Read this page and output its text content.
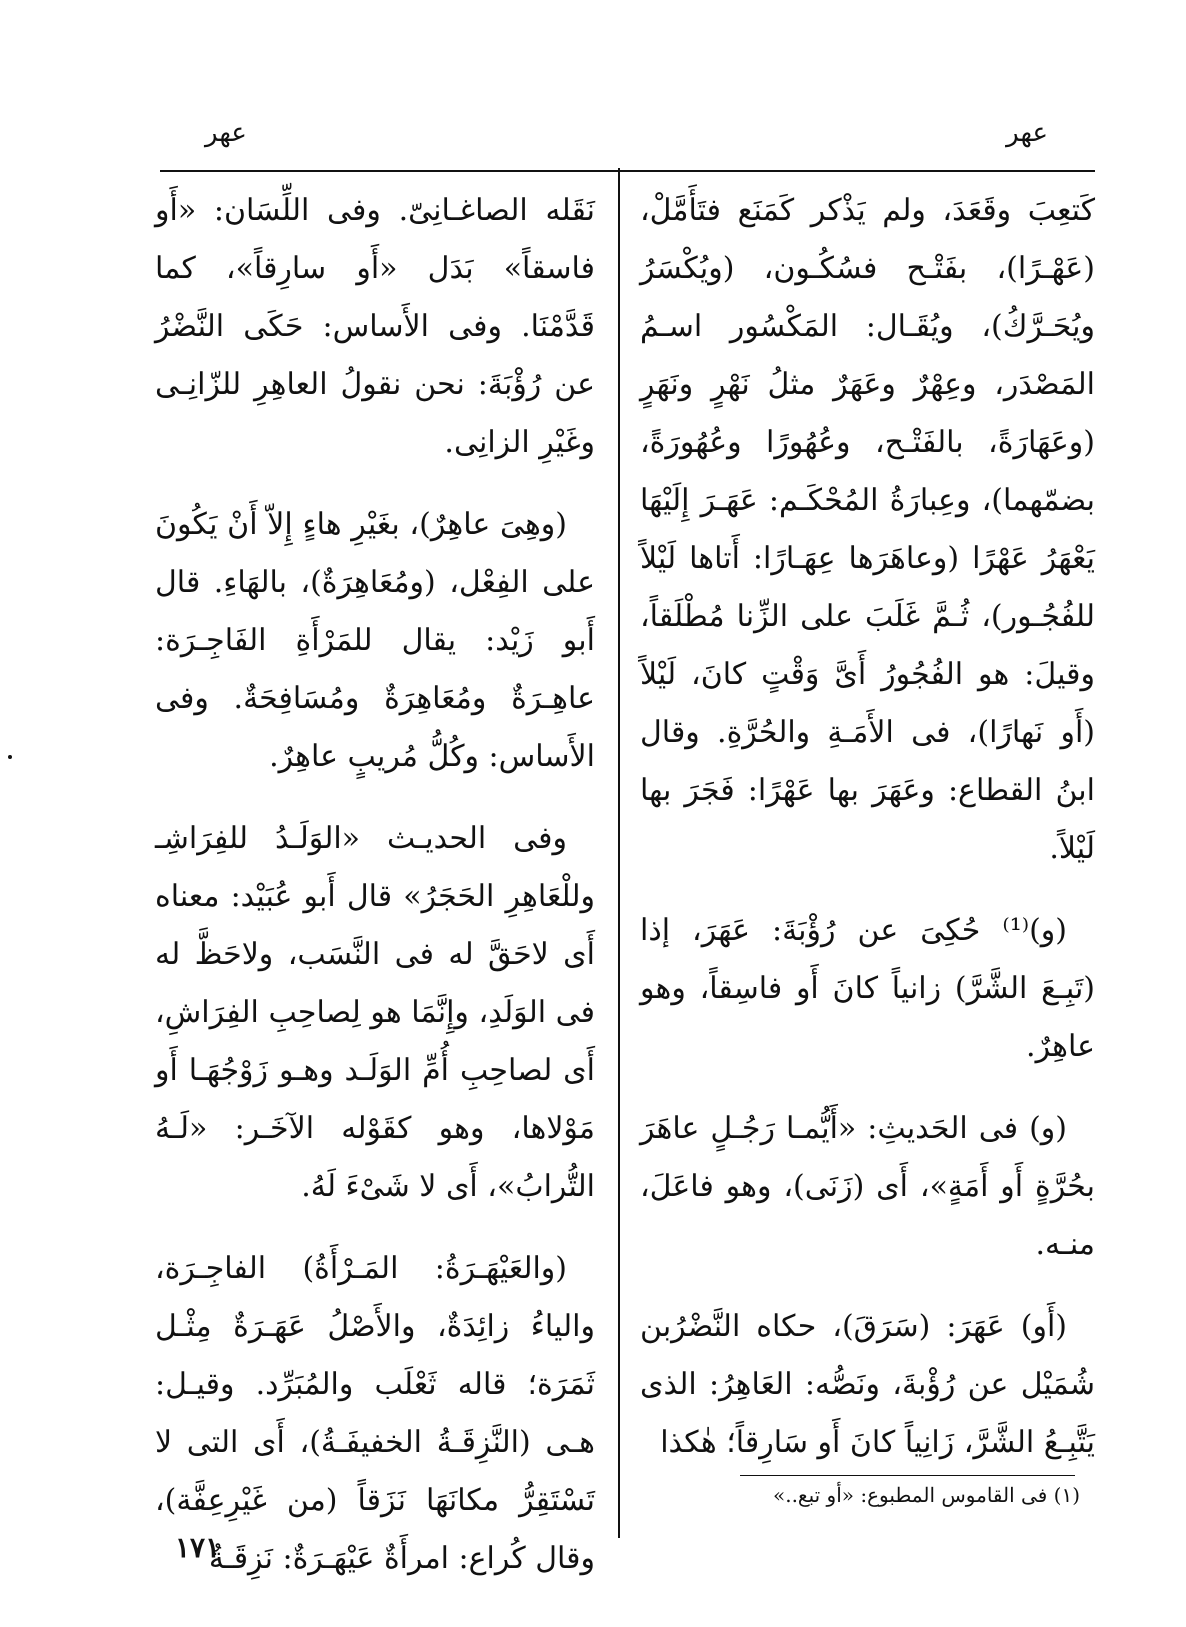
عهر
عهر

كَتعِبَ وقَعَدَ، ولم يَذْكر كَمَنَع فتَأَمَّلْ، (عَهْـرًا)، بفَتْـح فسُكُـون، (ويُكْسَرُ ويُحَـرَّكُ)، ويُقَـال: المَكْسُور اسـمُ المَصْدَر، وعِهْرٌ وعَهَرٌ مثلُ نَهْرٍ ونَهَرٍ (وعَهَارَةً، بالفَتْـح، وعُهُورًا وعُهُورَةً، بضمّهما)، وعِبارَةُ المُحْكَـم: عَهَـرَ إِلَيْهَا يَعْهَرُ عَهْرًا (وعاهَرَها عِهَـارًا: أَتاها لَيْلاً للفُجُـور)، ثُـمَّ غَلَبَ على الزِّنا مُطْلَقاً، وقيلَ: هو الفُجُورُ أَىَّ وَقْتٍ كانَ، لَيْلاً (أَو نَهارًا)، فى الأَمَـةِ والحُرَّةِ. وقال ابنُ القطاع: وعَهَرَ بها عَهْرًا: فَجَرَ بها لَيْلاً.

(و)⁽¹⁾ حُكِىَ عن رُؤْبَةَ: عَهَرَ، إذا (تَبِـعَ الشَّرَّ) زانياً كانَ أَو فاسِقاً، وهو عاهِرٌ.

(و) فى الحَديثِ: «أَيُّمـا رَجُـلٍ عاهَرَ بحُرَّةٍ أَو أَمَةٍ»، أَى (زَنَى)، وهو فاعَلَ، منـه.

(أَو) عَهَرَ: (سَرَقَ)، حكاه النَّضْرُبن شُمَيْل عن رُؤْبةَ، ونَصُّه: العَاهِرُ: الذى يَتَّبِـعُ الشَّرَّ، زَانِياً كانَ أَو سَارِقاً؛ هٰكذا

نَقَله الصاغـانِىّ. وفى اللِّسَان: «أَو فاسقاً» بَدَل «أَو سارِقاً»، كما قَدَّمْنَا. وفى الأَساس: حَكَى النَّضْرُ عن رُؤْبَةَ: نحن نقولُ العاهِرِ للزّانِـى وغَيْرِ الزانِى.

(وهِىَ عاهِرٌ)، بغَيْرِ هاءٍ إِلاّ أَنْ يَكُونَ على الفِعْل، (ومُعَاهِرَةٌ)، بالهَاءِ. قال أَبو زَيْد: يقال للمَرْأَةِ الفَاجِـرَة: عاهِـرَةٌ ومُعَاهِرَةٌ ومُسَافِحَةٌ. وفى الأَساس: وكُلُّ مُريبٍ عاهِرٌ.

وفى الحديـث «الوَلَـدُ للفِرَاشِـ وللْعَاهِرِ الحَجَرُ» قال أَبو عُبَيْد: معناه أَى لاحَقَّ له فى النَّسَب، ولاحَظَّ له فى الوَلَدِ، وإِنَّمَا هو لِصاحِبِ الفِرَاشِ، أَى لصاحِبِ أُمِّ الوَلَـد وهـو زَوْجُهَـا أَو مَوْلاها، وهو كقَوْله الآخَـر: «لَـهُ التُّرابُ»، أَى لا شَىْءَ لَهُ.

(والعَيْهَـرَةُ: المَـرْأَةُ) الفاجِـرَة، والياءُ زائِدَةٌ، والأَصْلُ عَهَـرَةٌ مِثْـل ثَمَرَة؛ قاله ثَعْلَب والمُبَرِّد. وقيـل: هـى (النَّزِقَـةُ الخفيفَـةُ)، أَى التى لا تَسْتَقِرُّ مكانَهَا نَزَقاً (من غَيْرِعِفَّة)، وقال كُراع: امرأَةٌ عَيْهَـرَةٌ: نَزِقَـةٌ

(١) فى القاموس المطبوع: «أو تبع..»
١٧١
